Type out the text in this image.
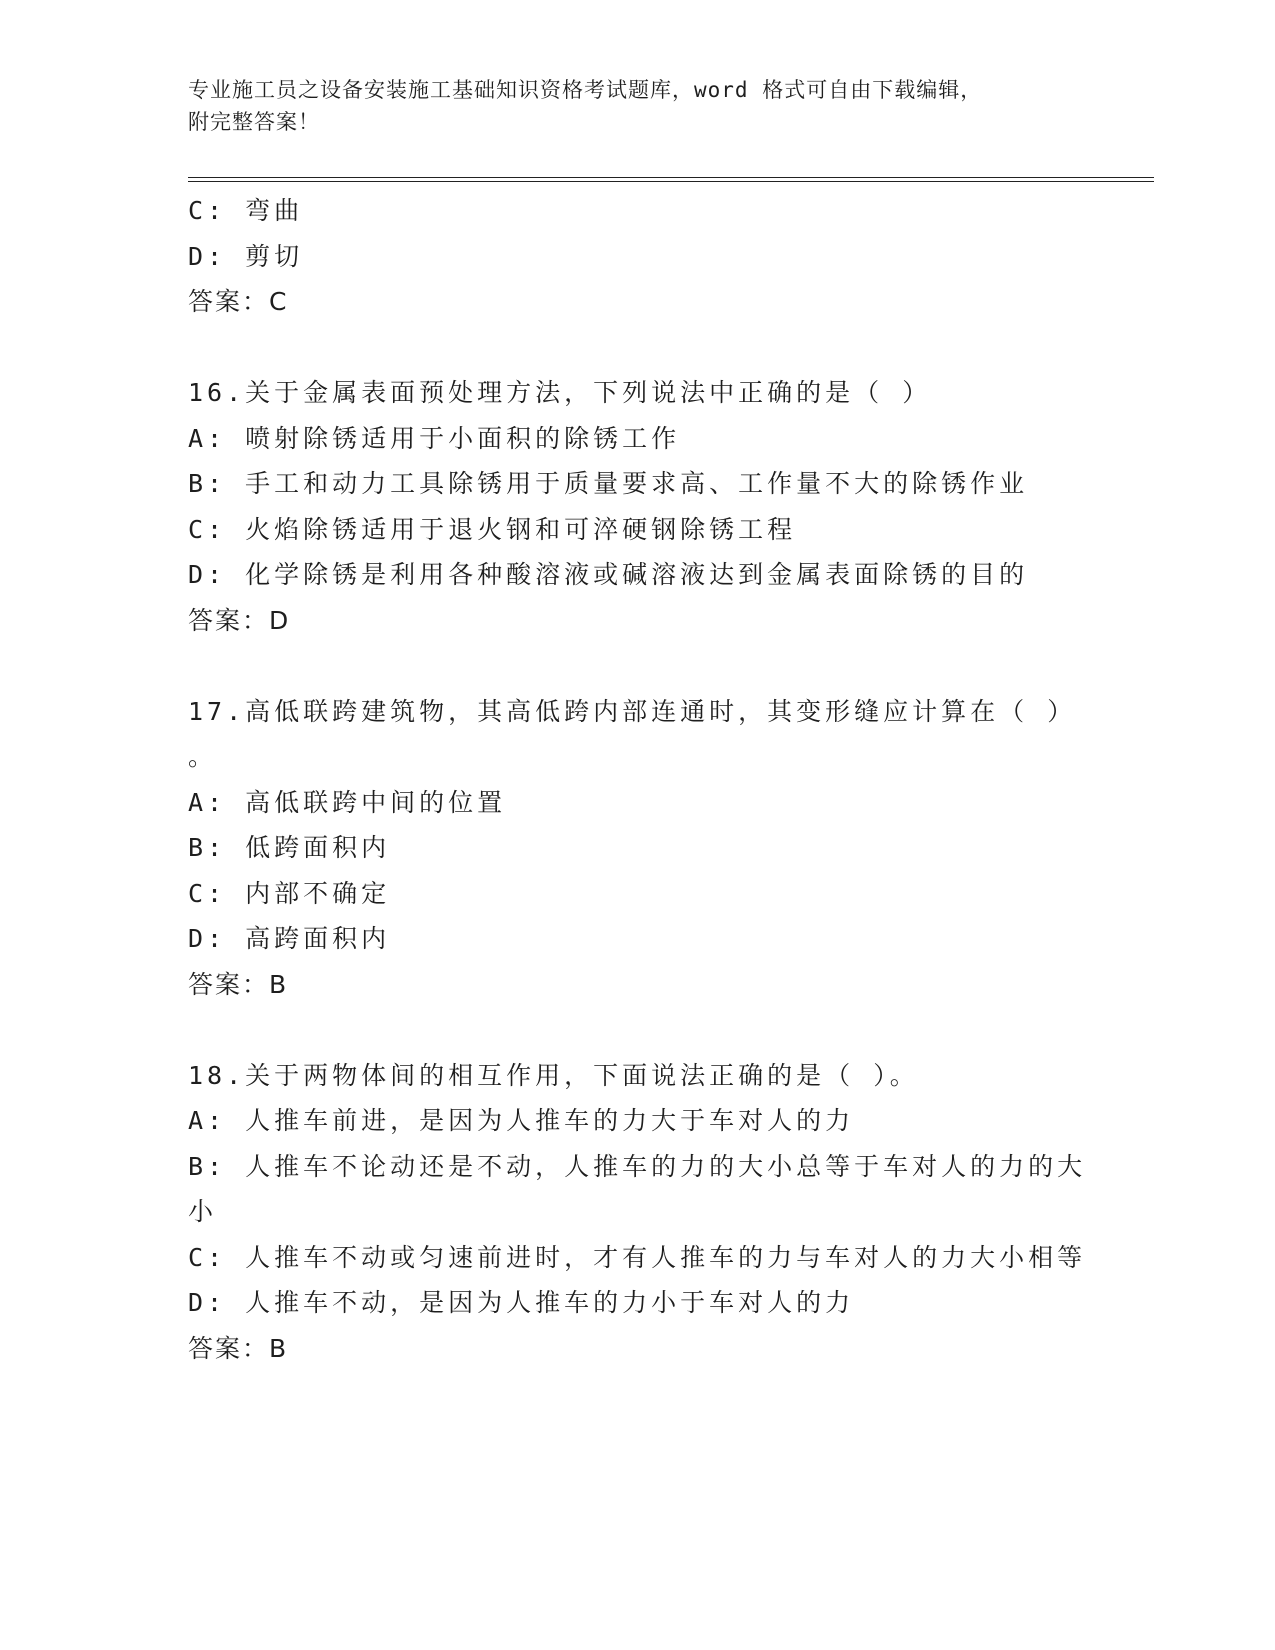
专业施工员之设备安装施工基础知识资格考试题库，word 格式可自由下载编辑，
附完整答案！
C: 弯曲
D: 剪切
答案：C
16.关于金属表面预处理方法，下列说法中正确的是（ ）
A: 喷射除锈适用于小面积的除锈工作
B: 手工和动力工具除锈用于质量要求高、工作量不大的除锈作业
C: 火焰除锈适用于退火钢和可淬硬钢除锈工程
D: 化学除锈是利用各种酸溶液或碱溶液达到金属表面除锈的目的
答案：D
17.高低联跨建筑物，其高低跨内部连通时，其变形缝应计算在（ ）
。
A: 高低联跨中间的位置
B: 低跨面积内
C: 内部不确定
D: 高跨面积内
答案：B
18.关于两物体间的相互作用，下面说法正确的是（ ）。
A: 人推车前进，是因为人推车的力大于车对人的力
B: 人推车不论动还是不动，人推车的力的大小总等于车对人的力的大
小
C: 人推车不动或匀速前进时，才有人推车的力与车对人的力大小相等
D: 人推车不动，是因为人推车的力小于车对人的力
答案：B
